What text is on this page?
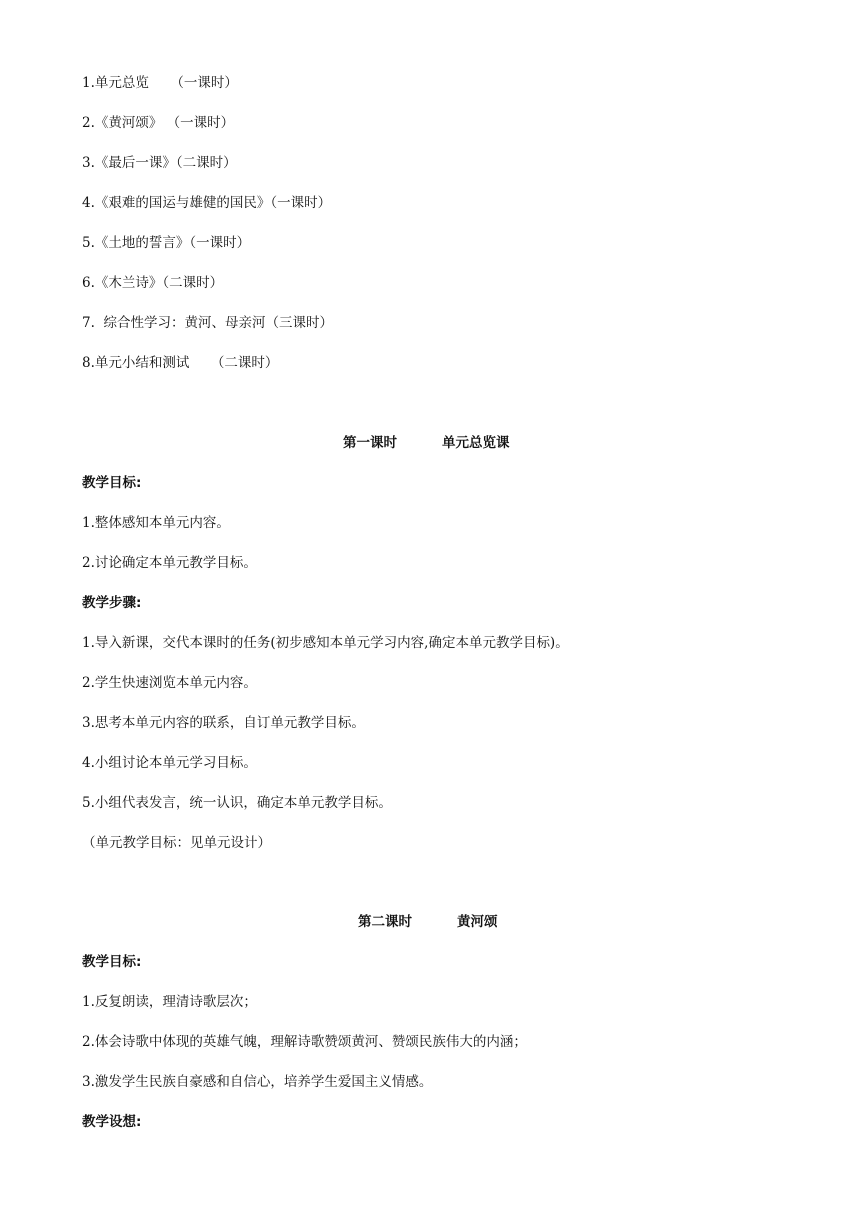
1.单元总览     （一课时）
2.《黄河颂》 （一课时）
3.《最后一课》（二课时）
4.《艰难的国运与雄健的国民》（一课时）
5.《土地的誓言》（一课时）
6.《木兰诗》（二课时）
7.  综合性学习：黄河、母亲河（三课时）
8.单元小结和测试     （二课时）
第一课时	单元总览课
教学目标:
1.整体感知本单元内容。
2.讨论确定本单元教学目标。
教学步骤:
1.导入新课，交代本课时的任务(初步感知本单元学习内容,确定本单元教学目标)。
2.学生快速浏览本单元内容。
3.思考本单元内容的联系，自订单元教学目标。
4.小组讨论本单元学习目标。
5.小组代表发言，统一认识，确定本单元教学目标。
（单元教学目标：见单元设计）
第二课时	黄河颂
教学目标:
1.反复朗读，理清诗歌层次；
2.体会诗歌中体现的英雄气魄，理解诗歌赞颂黄河、赞颂民族伟大的内涵；
3.激发学生民族自豪感和自信心，培养学生爱国主义情感。
教学设想:
